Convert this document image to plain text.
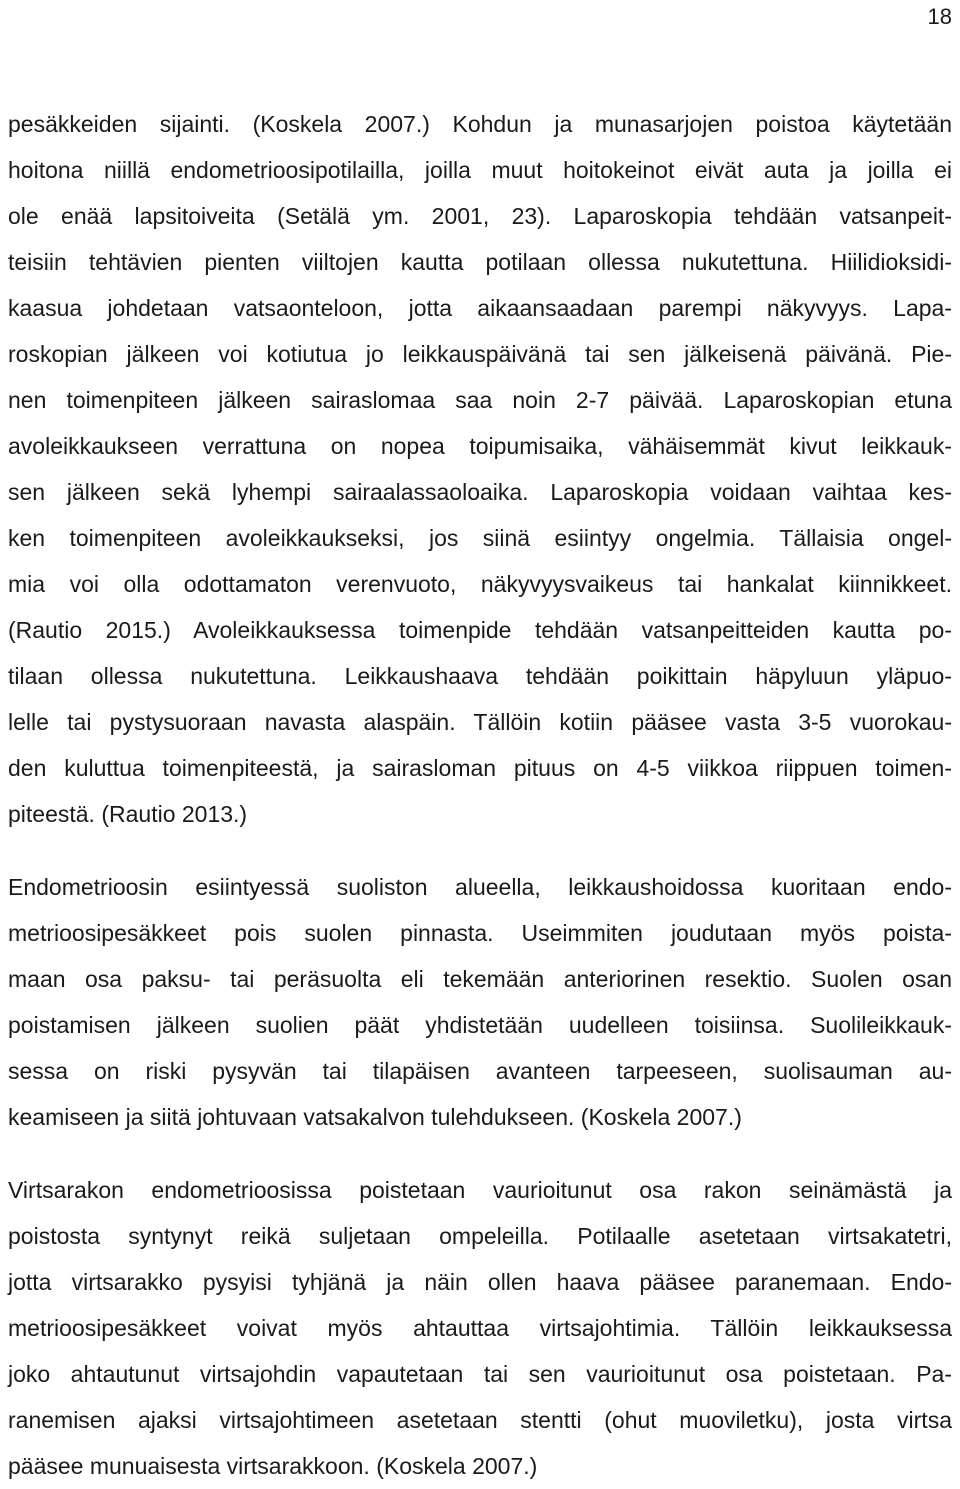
18
pesäkkeiden sijainti. (Koskela 2007.) Kohdun ja munasarjojen poistoa käytetään
hoitona niillä endometrioosipotilailla, joilla muut hoitokeinot eivät auta ja joilla ei
ole enää lapsitoiveita (Setälä ym. 2001, 23). Laparoskopia tehdään vatsanpeit-
teisiin tehtävien pienten viiltojen kautta potilaan ollessa nukutettuna. Hiilidioksidi-
kaasua johdetaan vatsaonteloon, jotta aikaansaadaan parempi näkyvyys. Lapa-
roskopian jälkeen voi kotiutua jo leikkauspäivänä tai sen jälkeisenä päivänä. Pie-
nen toimenpiteen jälkeen sairaslomaa saa noin 2-7 päivää. Laparoskopian etuna
avoleikkaukseen verrattuna on nopea toipumisaika, vähäisemmät kivut leikkauk-
sen jälkeen sekä lyhempi sairaalassaoloaika. Laparoskopia voidaan vaihtaa kes-
ken toimenpiteen avoleikkaukseksi, jos siinä esiintyy ongelmia. Tällaisia ongel-
mia voi olla odottamaton verenvuoto, näkyvyysvaikeus tai hankalat kiinnikkeet.
(Rautio 2015.) Avoleikkauksessa toimenpide tehdään vatsanpeitteiden kautta po-
tilaan ollessa nukutettuna. Leikkaushaava tehdään poikittain häpyluun yläpuo-
lelle tai pystysuoraan navasta alaspäin. Tällöin kotiin pääsee vasta 3-5 vuorokau-
den kuluttua toimenpiteestä, ja sairasloman pituus on 4-5 viikkoa riippuen toimen-
piteestä. (Rautio 2013.)
Endometrioosin esiintyessä suoliston alueella, leikkaushoidossa kuoritaan endo-
metrioosipesäkkeet pois suolen pinnasta. Useimmiten joudutaan myös poista-
maan osa paksu- tai peräsuolta eli tekemään anteriorinen resektio. Suolen osan
poistamisen jälkeen suolien päät yhdistetään uudelleen toisiinsa. Suolileikkauk-
sessa on riski pysyvän tai tilapäisen avanteen tarpeeseen, suolisauman au-
keamiseen ja siitä johtuvaan vatsakalvon tulehdukseen. (Koskela 2007.)
Virtsarakon endometrioosissa poistetaan vaurioitunut osa rakon seinämästä ja
poistosta syntynyt reikä suljetaan ompeleilla. Potilaalle asetetaan virtsakatetri,
jotta virtsarakko pysyisi tyhjänä ja näin ollen haava pääsee paranemaan. Endo-
metrioosipesäkkeet voivat myös ahtauttaa virtsajohtimia. Tällöin leikkauksessa
joko ahtautunut virtsajohdin vapautetaan tai sen vaurioitunut osa poistetaan. Pa-
ranemisen ajaksi virtsajohtimeen asetetaan stentti (ohut muoviletku), josta virtsa
pääsee munuaisesta virtsarakkoon. (Koskela 2007.)
